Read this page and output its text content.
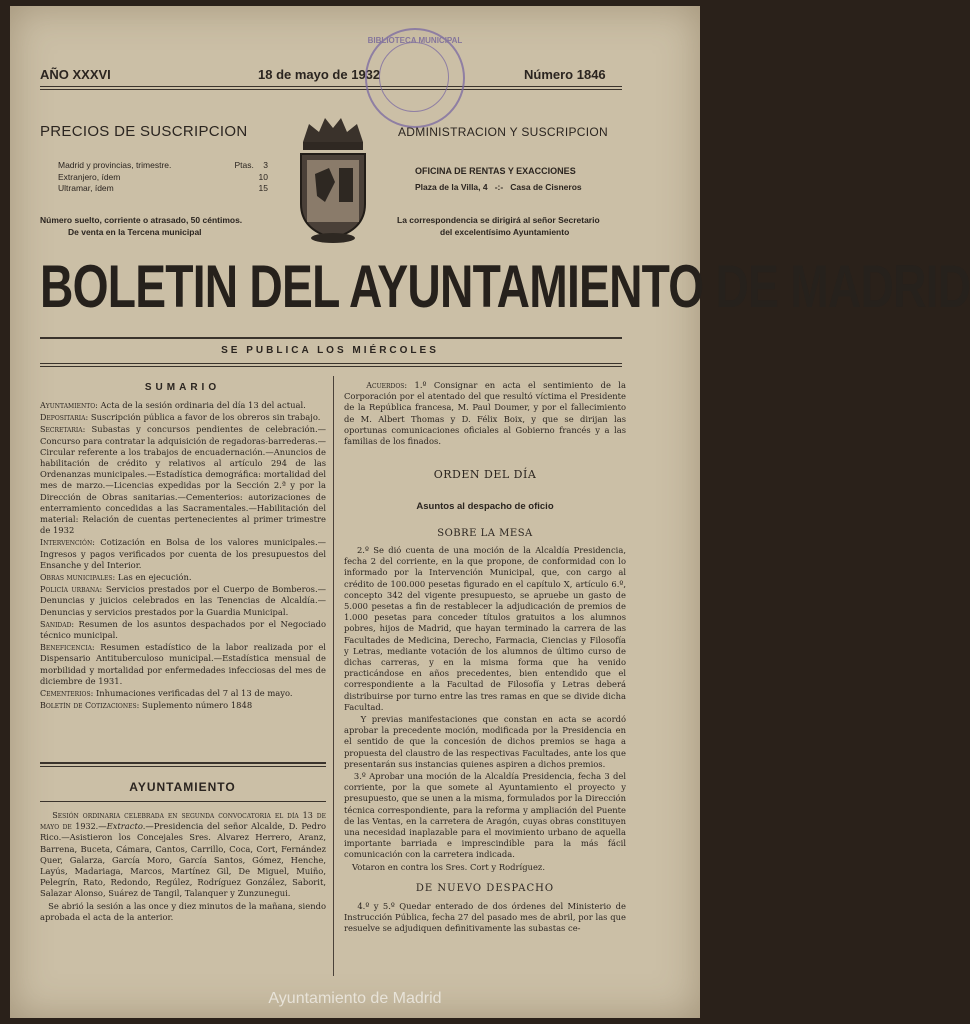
AÑO XXXVI	18 de mayo de 1932	Número 1846
BIBLIOTECA MUNICIPAL
PRECIOS DE SUSCRIPCION
Madrid y provincias, trimestre.	Ptas. 3
Extranjero, ídem	10
Ultramar, ídem	15
Número suelto, corriente o atrasado, 50 céntimos.
De venta en la Tercena municipal
ADMINISTRACION Y SUSCRIPCION
OFICINA DE RENTAS Y EXACCIONES
Plaza de la Villa, 4 -:- Casa de Cisneros
La correspondencia se dirigirá al señor Secretario
del excelentísimo Ayuntamiento
BOLETIN DEL AYUNTAMIENTO DE MADRID
SE PUBLICA LOS MIÉRCOLES
SUMARIO

Ayuntamiento: Acta de la sesión ordinaria del día 13 del actual.

Depositaria: Suscripción pública a favor de los obreros sin trabajo.

Secretaria: Subastas y concursos pendientes de celebración.—Concurso para contratar la adquisición de regadoras-barrederas.—Circular referente a los trabajos de encuadernación.—Anuncios de habilitación de crédito y relativos al artículo 294 de las Ordenanzas municipales.—Estadística demográfica: mortalidad del mes de marzo.—Licencias expedidas por la Sección 2.ª y por la Dirección de Obras sanitarias.—Cementerios: autorizaciones de enterramiento concedidas a las Sacramentales.—Habilitación del material: Relación de cuentas pertenecientes al primer trimestre de 1932

Intervención: Cotización en Bolsa de los valores municipales.—Ingresos y pagos verificados por cuenta de los presupuestos del Ensanche y del Interior.

Obras municipales: Las en ejecución.

Policía urbana: Servicios prestados por el Cuerpo de Bomberos.—Denuncias y juicios celebrados en las Tenencias de Alcaldía.—Denuncias y servicios prestados por la Guardia Municipal.

Sanidad: Resumen de los asuntos despachados por el Negociado técnico municipal.

Beneficencia: Resumen estadístico de la labor realizada por el Dispensario Antituberculoso municipal.—Estadística mensual de morbilidad y mortalidad por enfermedades infecciosas del mes de diciembre de 1931.

Cementerios: Inhumaciones verificadas del 7 al 13 de mayo.

Boletín de Cotizaciones: Suplemento número 1848

AYUNTAMIENTO

Sesión ordinaria celebrada en segunda convocatoria el día 13 de mayo de 1932.—Extracto.—Presidencia del señor Alcalde, D. Pedro Rico.—Asistieron los Concejales Sres. Alvarez Herrero, Aranz, Barrena, Buceta, Cámara, Cantos, Carrillo, Coca, Cort, Fernández Quer, Galarza, García Moro, García Santos, Gómez, Henche, Layús, Madariaga, Marcos, Martínez Gil, De Miguel, Muiño, Pelegrín, Rato, Redondo, Regúlez, Rodríguez González, Saborit, Salazar Alonso, Suárez de Tangil, Talanquer y Zunzunegui.

Se abrió la sesión a las once y diez minutos de la mañana, siendo aprobada el acta de la anterior.

Acuerdos: 1.º Consignar en acta el sentimiento de la Corporación por el atentado del que resultó víctima el Presidente de la República francesa, M. Paul Doumer, y por el fallecimiento de M. Albert Thomas y D. Félix Boix, y que se dirijan las oportunas comunicaciones oficiales al Gobierno francés y a las familias de los finados.

ORDEN DEL DÍA
Asuntos al despacho de oficio
SOBRE LA MESA

2.º Se dió cuenta de una moción de la Alcaldía Presidencia, fecha 2 del corriente, en la que propone, de conformidad con lo informado por la Intervención Municipal, que, con cargo al crédito de 100.000 pesetas figurado en el capítulo X, artículo 6.º, concepto 342 del vigente presupuesto, se apruebe un gasto de 5.000 pesetas a fin de restablecer la adjudicación de premios de 1.000 pesetas para conceder títulos gratuitos a los alumnos pobres, hijos de Madrid, que hayan terminado la carrera de las Facultades de Medicina, Derecho, Farmacia, Ciencias y Filosofía y Letras, mediante votación de los alumnos de último curso de dichas carreras, y en la misma forma que ha venido practicándose en años precedentes, bien entendido que el correspondiente a la Facultad de Filosofía y Letras deberá distribuirse por turno entre las tres ramas en que se divide dicha Facultad.

Y previas manifestaciones que constan en acta se acordó aprobar la precedente moción, modificada por la Presidencia en el sentido de que la concesión de dichos premios se haga a propuesta del claustro de las respectivas Facultades, ante los que presentarán sus instancias quienes aspiren a dichos premios.

3.º Aprobar una moción de la Alcaldía Presidencia, fecha 3 del corriente, por la que somete al Ayuntamiento el proyecto y presupuesto, que se unen a la misma, formulados por la Dirección técnica correspondiente, para la reforma y ampliación del Puente de las Ventas, en la carretera de Aragón, cuyas obras constituyen una necesidad inaplazable para el movimiento urbano de aquella importante barriada e imprescindible para la más fácil comunicación con la carretera indicada.

Votaron en contra los Sres. Cort y Rodríguez.

DE NUEVO DESPACHO

4.º y 5.º Quedar enterado de dos órdenes del Ministerio de Instrucción Pública, fecha 27 del pasado mes de abril, por las que resuelve se adjudiquen definitivamente las subastas ce-

Ayuntamiento de Madrid
